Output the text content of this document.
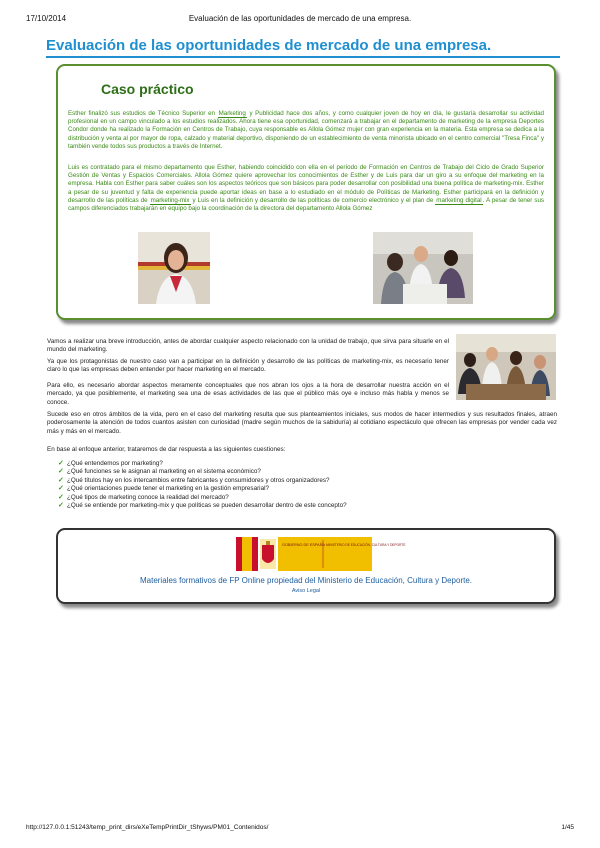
17/10/2014	Evaluación de las oportunidades de mercado de una empresa.
Evaluación de las oportunidades de mercado de una empresa.
Caso práctico

Esther finalizó sus estudios de Técnico Superior en Marketing y Publicidad hace dos años, y como cualquier joven de hoy en día, le gustaría desarrollar su actividad profesional en un campo vinculado a los estudios realizados. Ahora tiene esa oportunidad, comenzará a trabajar en el departamento de marketing de la empresa Deportes Condor donde ha realizado la Formación en Centros de Trabajo, cuya responsable es Allola Gómez mujer con gran experiencia en la materia. Esta empresa se dedica a la distribución y venta al por mayor de ropa, calzado y material deportivo, disponiendo de un establecimiento de venta minorista ubicado en el centro comercial "Tresa Finca" y también vende todos sus productos a través de Internet.

Luis es contratado para el mismo departamento que Esther, habiendo coincidido con ella en el período de Formación en Centros de Trabajo del Ciclo de Grado Superior Gestión de Ventas y Espacios Comerciales. Allola Gómez quiere aprovechar los conocimientos de Esther y de Luis para dar un giro a su enfoque del marketing en la empresa. Habla con Esther para saber cuáles son los aspectos teóricos que son básicos para poder desarrollar con posibilidad una buena política de marketing-mix. Esther a pesar de su juventud y falta de experiencia puede aportar ideas en base a lo estudiado en el módulo de Políticas de Marketing. Esther participará en la definición y desarrollo de las políticas de marketing-mix y Luis en la definición y desarrollo de las políticas de comercio electrónico y el plan de marketing digital. A pesar de tener sus campos diferenciados trabajarán en equipo bajo la coordinación de la directora del departamento Allola Gómez

Vamos a realizar una breve introducción, antes de abordar cualquier aspecto relacionado con la unidad de trabajo, que sirva para situarle en el mundo del marketing.

Ya que los protagonistas de nuestro caso van a participar en la definición y desarrollo de las políticas de marketing-mix, es necesario tener claro lo que las empresas deben entender por hacer marketing en el mercado.

Para ello, es necesario abordar aspectos meramente conceptuales que nos abran los ojos a la hora de desarrollar nuestra acción en el mercado, ya que posiblemente, el marketing sea una de esas actividades de las que el público más oye e incluso más habla y menos se conoce.

Sucede eso en otros ámbitos de la vida, pero en el caso del marketing resulta que sus planteamientos iniciales, sus modos de hacer intermedios y sus resultados finales, atraen poderosamente la atención de todos cuantos asisten con curiosidad (madre según muchos de la sabiduría) al cotidiano espectáculo que ofrecen las empresas por vender cada vez más y más en el mercado.

En base al enfoque anterior, trataremos de dar respuesta a las siguientes cuestiones:

✓ ¿Qué entendemos por marketing?
✓ ¿Qué funciones se le asignan al marketing en el sistema económico?
✓ ¿Qué títulos hay en los intercambios entre fabricantes y consumidores y otros organizadores?
✓ ¿Qué orientaciones puede tener el marketing en la gestión empresarial?
✓ ¿Qué tipos de marketing conoce la realidad del mercado?
✓ ¿Qué se entiende por marketing-mix y que políticas se pueden desarrollar dentro de este concepto?
GOBIERNO DE ESPAÑA MINISTERIO DE EDUCACIÓN, CULTURA Y DEPORTE
Materiales formativos de FP Online propiedad del Ministerio de Educación, Cultura y Deporte.
Aviso Legal
http://127.0.0.1:51243/temp_print_dirs/eXeTempPrintDir_tShyws/PM01_Contenidos/	1/45
